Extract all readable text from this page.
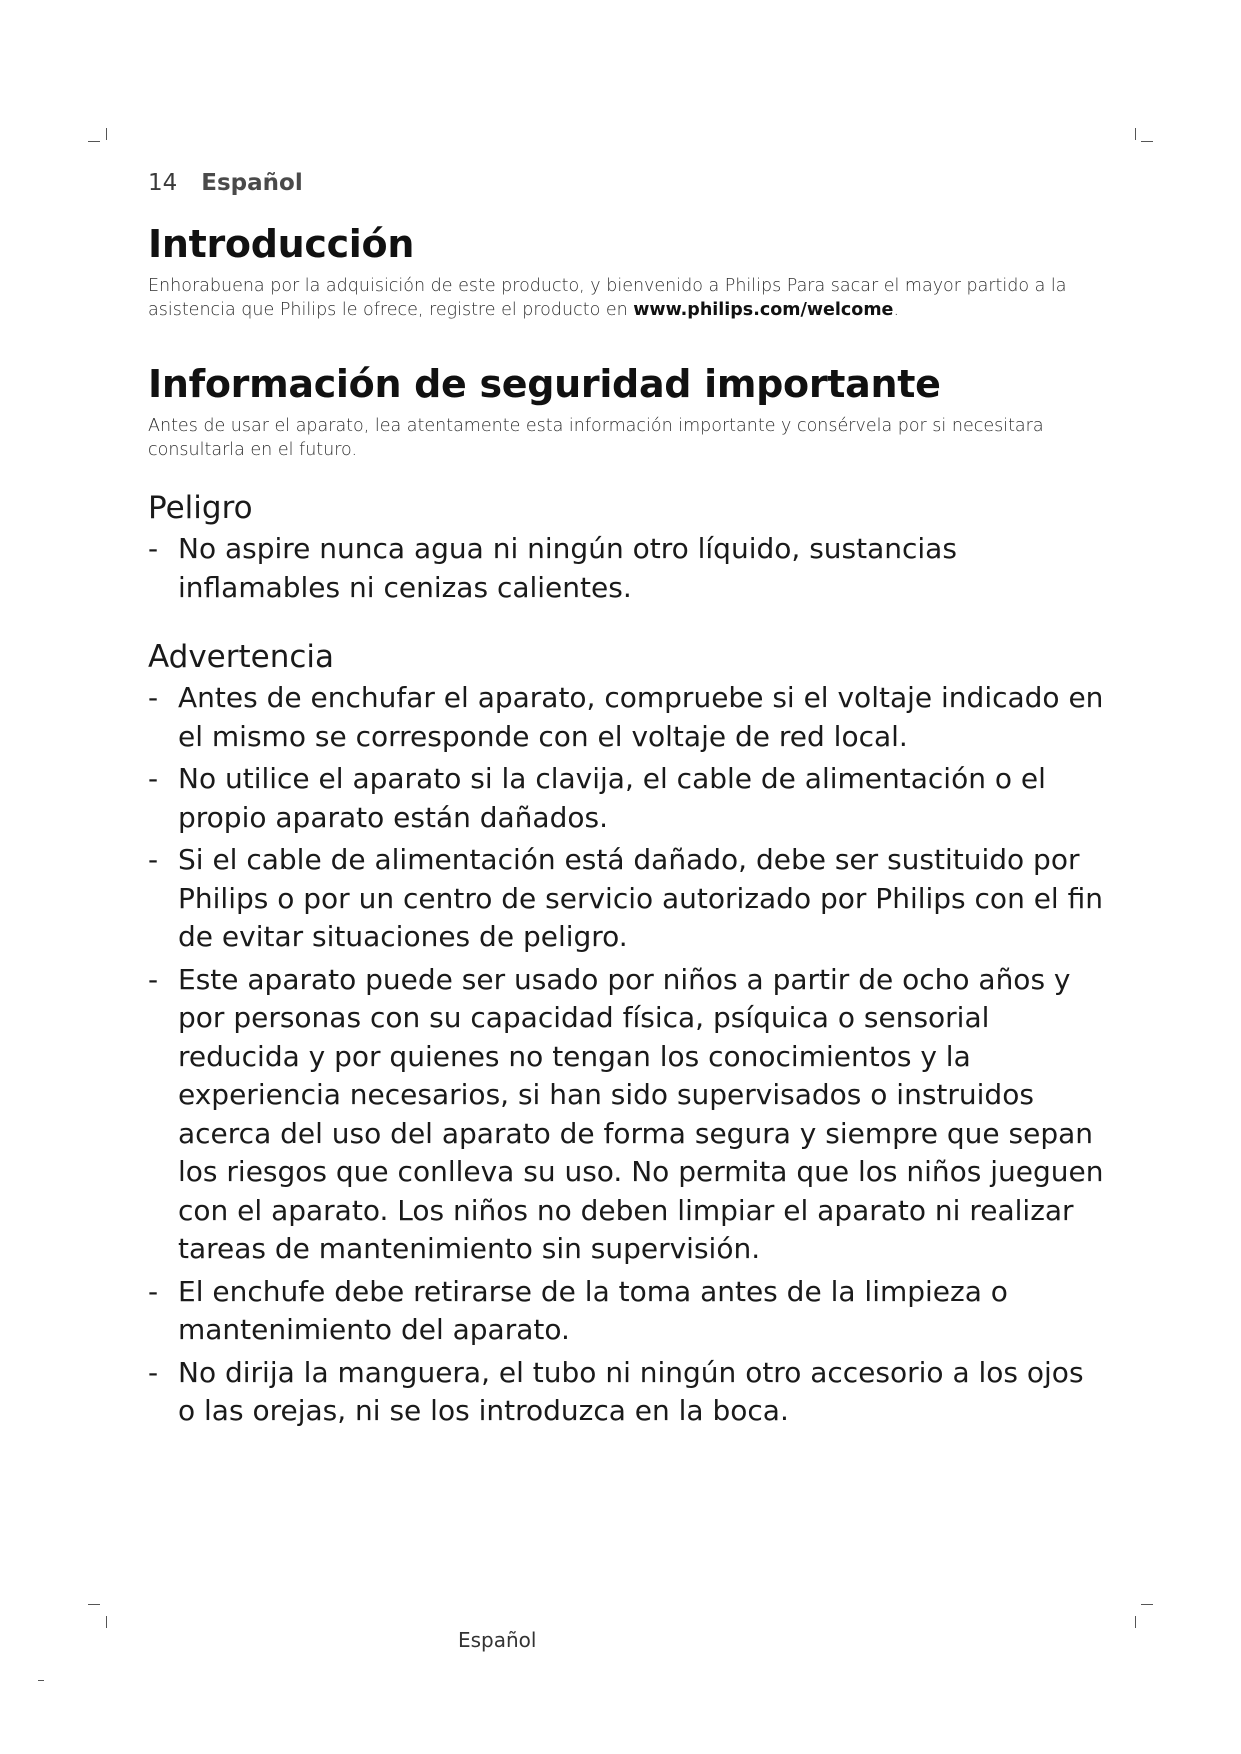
14 Español
Introducción

Enhorabuena por la adquisición de este producto, y bienvenido a Philips Para sacar el mayor partido a la asistencia que Philips le ofrece, registre el producto en www.philips.com/welcome.

Información de seguridad importante

Antes de usar el aparato, lea atentamente esta información importante y consérvela por si necesitara consultarla en el futuro.

Peligro
- No aspire nunca agua ni ningún otro líquido, sustancias inflamables ni cenizas calientes.
Advertencia
- Antes de enchufar el aparato, compruebe si el voltaje indicado en el mismo se corresponde con el voltaje de red local.
- No utilice el aparato si la clavija, el cable de alimentación o el propio aparato están dañados.
- Si el cable de alimentación está dañado, debe ser sustituido por Philips o por un centro de servicio autorizado por Philips con el fin de evitar situaciones de peligro.
- Este aparato puede ser usado por niños a partir de ocho años y por personas con su capacidad física, psíquica o sensorial reducida y por quienes no tengan los conocimientos y la experiencia necesarios, si han sido supervisados o instruidos acerca del uso del aparato de forma segura y siempre que sepan los riesgos que conlleva su uso. No permita que los niños jueguen con el aparato. Los niños no deben limpiar el aparato ni realizar tareas de mantenimiento sin supervisión.
- El enchufe debe retirarse de la toma antes de la limpieza o mantenimiento del aparato.
- No dirija la manguera, el tubo ni ningún otro accesorio a los ojos o las orejas, ni se los introduzca en la boca.
Español
